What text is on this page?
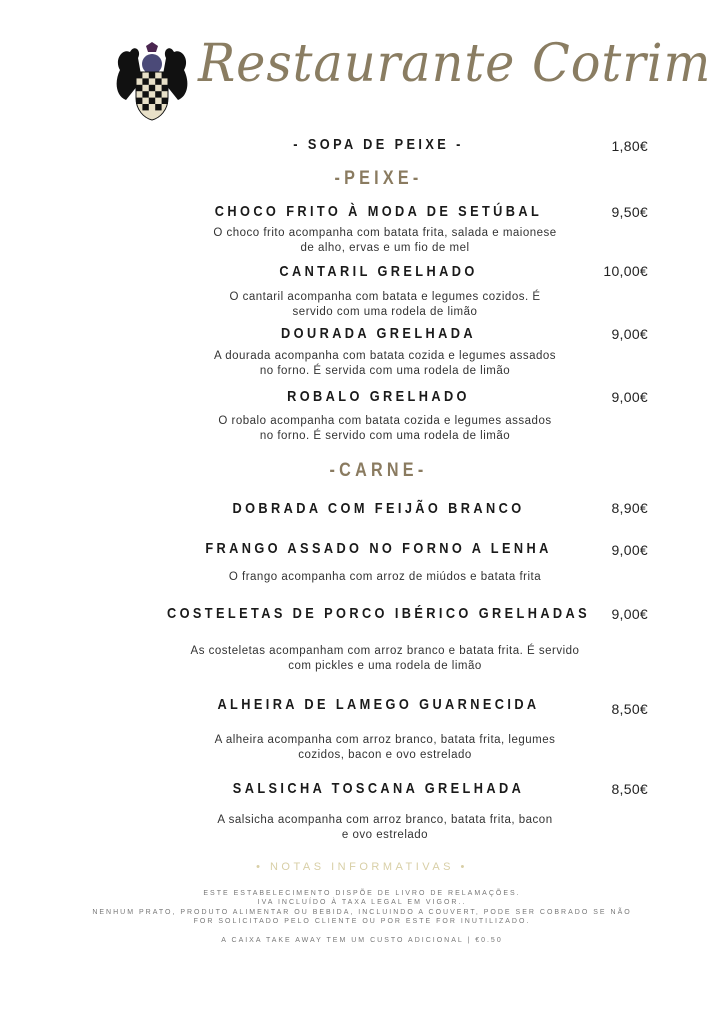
Restaurante Cotrim
- SOPA DE PEIXE -	1,80€
-PEIXE-
CHOCO FRITO À MODA DE SETÚBAL	9,50€
O choco frito acompanha com batata frita, salada e maionese
de alho, ervas e um fio de mel
CANTARIL GRELHADO	10,00€
O cantaril acompanha com batata e legumes cozidos. É
servido com uma rodela de limão
DOURADA GRELHADA	9,00€
A dourada acompanha com batata cozida e legumes assados
no forno. É servida com uma rodela de limão
ROBALO GRELHADO	9,00€
O robalo acompanha com batata cozida e legumes assados
no forno. É servido com uma rodela de limão
-CARNE-
DOBRADA COM FEIJÃO BRANCO	8,90€
FRANGO ASSADO NO FORNO A LENHA	9,00€
O frango acompanha com arroz de miúdos e batata frita
COSTELETAS DE PORCO IBÉRICO GRELHADAS	9,00€
As costeletas acompanham com arroz branco e batata frita. É servido
com pickles e uma rodela de limão
ALHEIRA DE LAMEGO GUARNECIDA	8,50€
A alheira acompanha com arroz branco, batata frita, legumes
cozidos, bacon e ovo estrelado
SALSICHA TOSCANA GRELHADA	8,50€
A salsicha acompanha com arroz branco, batata frita, bacon
e ovo estrelado
• NOTAS INFORMATIVAS •
ESTE ESTABELECIMENTO DISPÕE DE LIVRO DE RELAMAÇÕES.
IVA INCLUÍDO À TAXA LEGAL EM VIGOR..
NENHUM PRATO, PRODUTO ALIMENTAR OU BEBIDA, INCLUINDO A COUVERT, PODE SER COBRADO SE NÃO
FOR SOLICITADO PELO CLIENTE OU POR ESTE FOR INUTILIZADO.
A CAIXA TAKE AWAY TEM UM CUSTO ADICIONAL | €0.50
